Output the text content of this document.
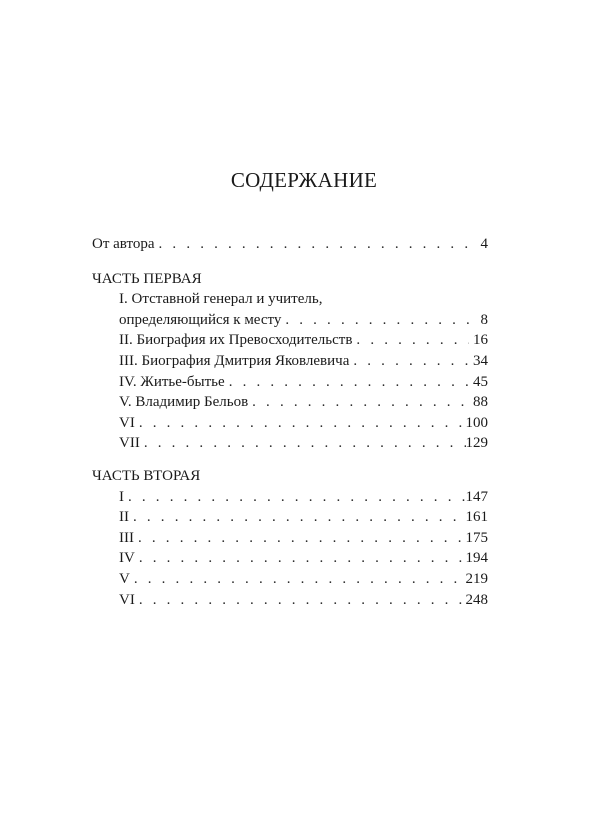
СОДЕРЖАНИЕ
От автора . . .	4
ЧАСТЬ ПЕРВАЯ
I. Отставной генерал и учитель,
определяющийся к месту . . .	8
II. Биография их Превосходительств . . .	16
III. Биография Дмитрия Яковлевича . . .	34
IV. Житье-бытье . . .	45
V. Владимир Бельов . . .	88
VI . . .	100
VII . . .	129
ЧАСТЬ ВТОРАЯ
I . . .	147
II . . .	161
III . . .	175
IV . . .	194
V . . .	219
VI . . .	248
